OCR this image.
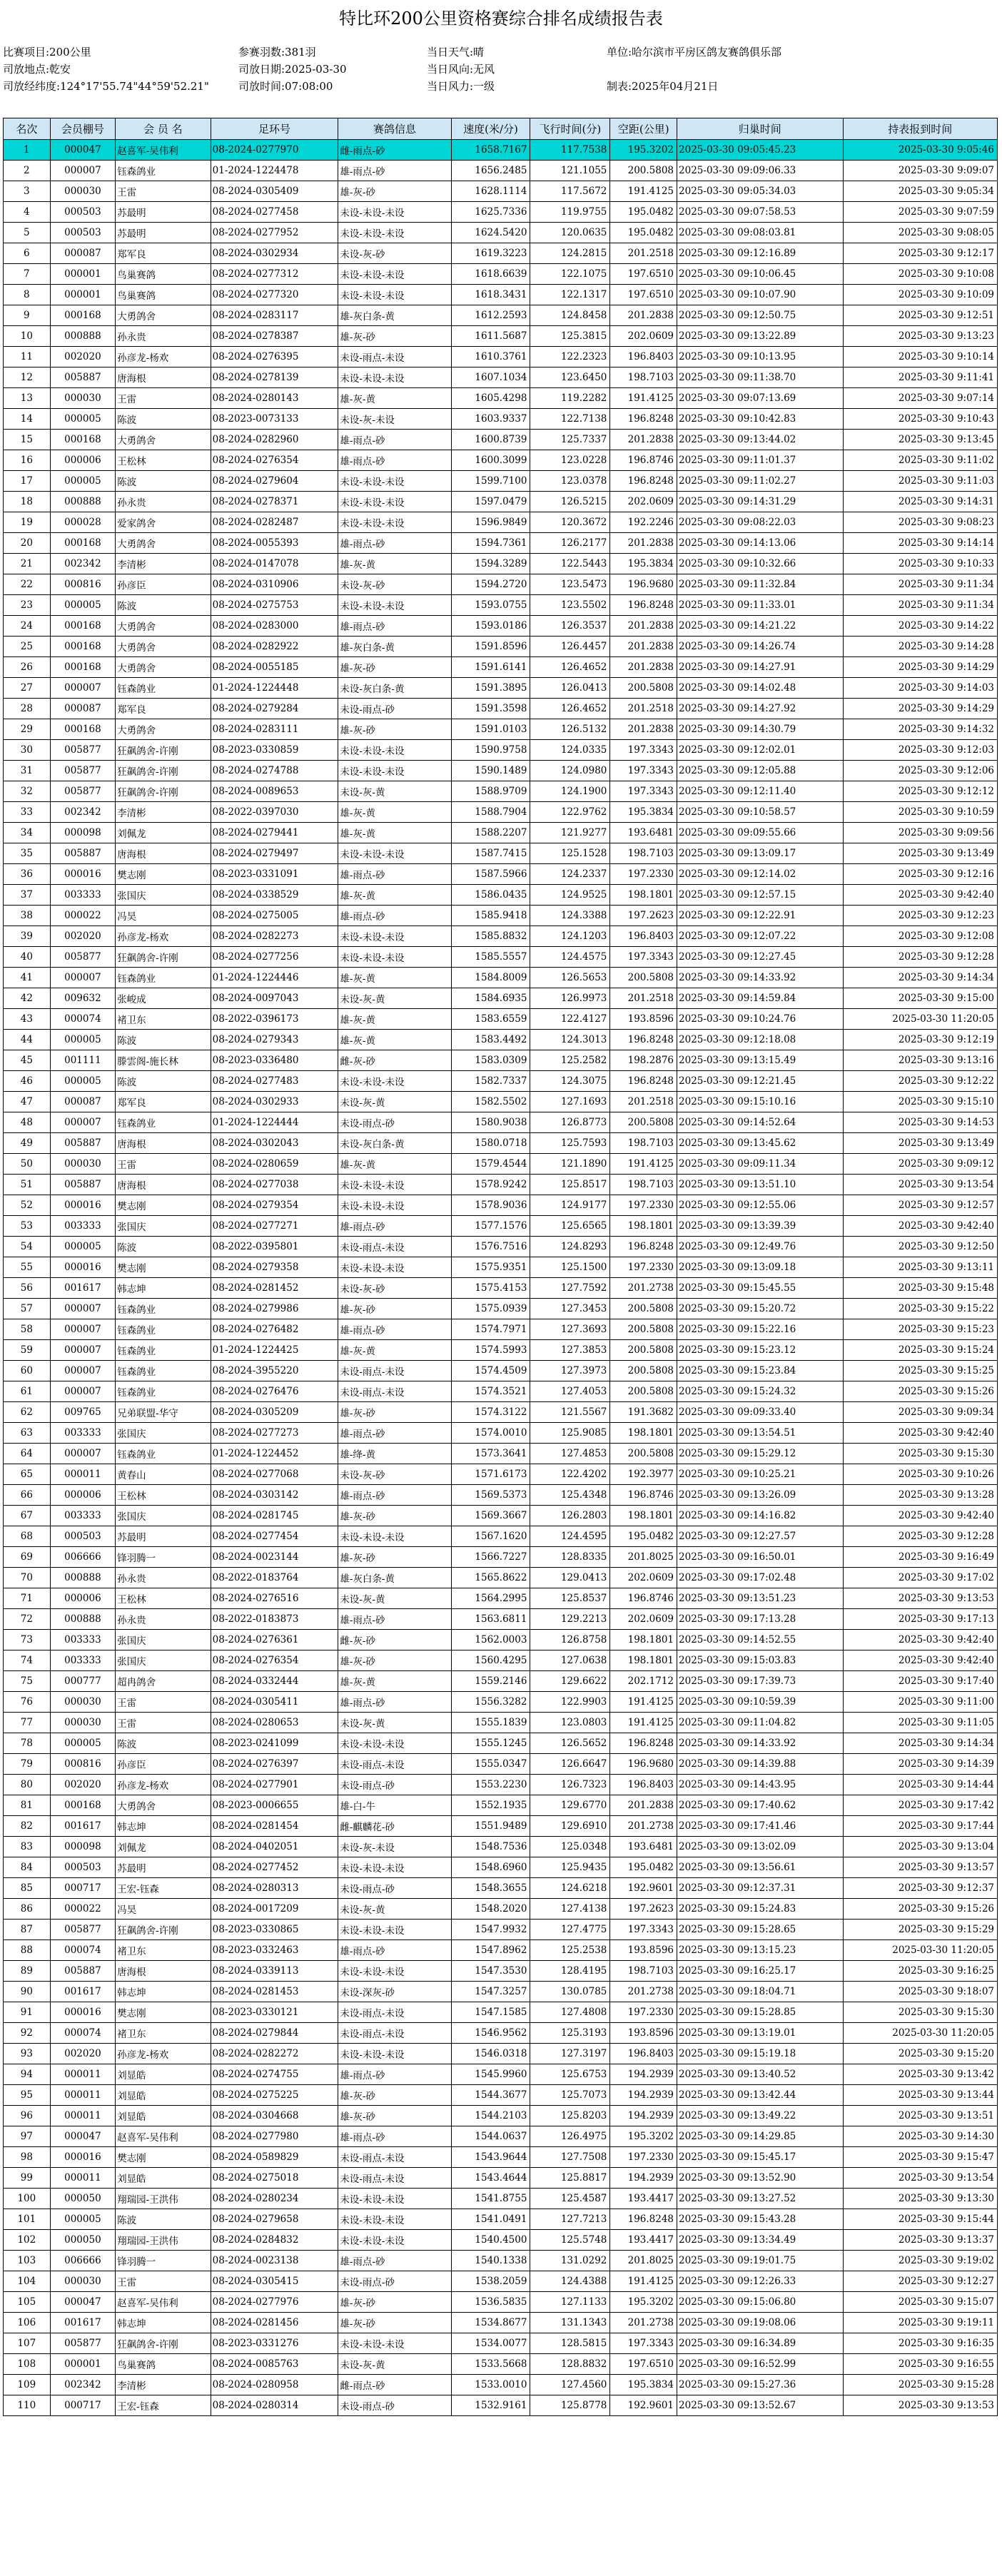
特比环200公里资格赛综合排名成绩报告表
比赛项目:200公里	参赛羽数:381羽	当日天气:晴	单位:哈尔滨市平房区鸽友赛鸽俱乐部
司放地点:乾安	司放日期:2025-03-30	当日风向:无风
司放经纬度:124°17'55.74"44°59'52.21"	司放时间:07:08:00	当日风力:一级	制表:2025年04月21日
名次	会员棚号	会 员 名	足环号	赛鸽信息	速度(米/分)	飞行时间(分)	空距(公里)	归巢时间	持表报到时间
1	000047	赵喜军-吴伟利	08-2024-0277970	雌-雨点-砂	1658.7167	117.7538	195.3202	2025-03-30 09:05:45.23	2025-03-30 9:05:46
2	000007	钰森鸽业	01-2024-1224478	雄-雨点-砂	1656.2485	121.1055	200.5808	2025-03-30 09:09:06.33	2025-03-30 9:09:07
3	000030	王雷	08-2024-0305409	雄-灰-砂	1628.1114	117.5672	191.4125	2025-03-30 09:05:34.03	2025-03-30 9:05:34
4	000503	苏最明	08-2024-0277458	未设-未设-未设	1625.7336	119.9755	195.0482	2025-03-30 09:07:58.53	2025-03-30 9:07:59
5	000503	苏最明	08-2024-0277952	未设-未设-未设	1624.5420	120.0635	195.0482	2025-03-30 09:08:03.81	2025-03-30 9:08:05
6	000087	郑军良	08-2024-0302934	未设-灰-砂	1619.3223	124.2815	201.2518	2025-03-30 09:12:16.89	2025-03-30 9:12:17
7	000001	鸟巢赛鸽	08-2024-0277312	未设-未设-未设	1618.6639	122.1075	197.6510	2025-03-30 09:10:06.45	2025-03-30 9:10:08
8	000001	鸟巢赛鸽	08-2024-0277320	未设-未设-未设	1618.3431	122.1317	197.6510	2025-03-30 09:10:07.90	2025-03-30 9:10:09
9	000168	大勇鸽舍	08-2024-0283117	雄-灰白条-黄	1612.2593	124.8458	201.2838	2025-03-30 09:12:50.75	2025-03-30 9:12:51
10	000888	孙永贵	08-2024-0278387	雄-灰-砂	1611.5687	125.3815	202.0609	2025-03-30 09:13:22.89	2025-03-30 9:13:23
11	002020	孙彦龙-杨欢	08-2024-0276395	未设-雨点-未设	1610.3761	122.2323	196.8403	2025-03-30 09:10:13.95	2025-03-30 9:10:14
12	005887	唐海根	08-2024-0278139	未设-未设-未设	1607.1034	123.6450	198.7103	2025-03-30 09:11:38.70	2025-03-30 9:11:41
13	000030	王雷	08-2024-0280143	雄-灰-黄	1605.4298	119.2282	191.4125	2025-03-30 09:07:13.69	2025-03-30 9:07:14
14	000005	陈波	08-2023-0073133	未设-灰-未设	1603.9337	122.7138	196.8248	2025-03-30 09:10:42.83	2025-03-30 9:10:43
15	000168	大勇鸽舍	08-2024-0282960	雄-雨点-砂	1600.8739	125.7337	201.2838	2025-03-30 09:13:44.02	2025-03-30 9:13:45
16	000006	王松林	08-2024-0276354	雄-雨点-砂	1600.3099	123.0228	196.8746	2025-03-30 09:11:01.37	2025-03-30 9:11:02
17	000005	陈波	08-2024-0279604	未设-未设-未设	1599.7100	123.0378	196.8248	2025-03-30 09:11:02.27	2025-03-30 9:11:03
18	000888	孙永贵	08-2024-0278371	未设-未设-未设	1597.0479	126.5215	202.0609	2025-03-30 09:14:31.29	2025-03-30 9:14:31
19	000028	爱家鸽舍	08-2024-0282487	未设-未设-未设	1596.9849	120.3672	192.2246	2025-03-30 09:08:22.03	2025-03-30 9:08:23
20	000168	大勇鸽舍	08-2024-0055393	雄-雨点-砂	1594.7361	126.2177	201.2838	2025-03-30 09:14:13.06	2025-03-30 9:14:14
21	002342	李清彬	08-2024-0147078	雄-灰-黄	1594.3289	122.5443	195.3834	2025-03-30 09:10:32.66	2025-03-30 9:10:33
22	000816	孙彦臣	08-2024-0310906	未设-灰-砂	1594.2720	123.5473	196.9680	2025-03-30 09:11:32.84	2025-03-30 9:11:34
23	000005	陈波	08-2024-0275753	未设-未设-未设	1593.0755	123.5502	196.8248	2025-03-30 09:11:33.01	2025-03-30 9:11:34
24	000168	大勇鸽舍	08-2024-0283000	雄-雨点-砂	1593.0186	126.3537	201.2838	2025-03-30 09:14:21.22	2025-03-30 9:14:22
25	000168	大勇鸽舍	08-2024-0282922	雄-灰白条-黄	1591.8596	126.4457	201.2838	2025-03-30 09:14:26.74	2025-03-30 9:14:28
26	000168	大勇鸽舍	08-2024-0055185	雄-灰-砂	1591.6141	126.4652	201.2838	2025-03-30 09:14:27.91	2025-03-30 9:14:29
27	000007	钰森鸽业	01-2024-1224448	未设-灰白条-黄	1591.3895	126.0413	200.5808	2025-03-30 09:14:02.48	2025-03-30 9:14:03
28	000087	郑军良	08-2024-0279284	未设-雨点-砂	1591.3598	126.4652	201.2518	2025-03-30 09:14:27.92	2025-03-30 9:14:29
29	000168	大勇鸽舍	08-2024-0283111	雄-灰-砂	1591.0103	126.5132	201.2838	2025-03-30 09:14:30.79	2025-03-30 9:14:32
30	005877	狂飙鸽舍-许刚	08-2023-0330859	未设-未设-未设	1590.9758	124.0335	197.3343	2025-03-30 09:12:02.01	2025-03-30 9:12:03
31	005877	狂飙鸽舍-许刚	08-2024-0274788	未设-未设-未设	1590.1489	124.0980	197.3343	2025-03-30 09:12:05.88	2025-03-30 9:12:06
32	005877	狂飙鸽舍-许刚	08-2024-0089653	未设-灰-黄	1588.9709	124.1900	197.3343	2025-03-30 09:12:11.40	2025-03-30 9:12:12
33	002342	李清彬	08-2022-0397030	雄-灰-黄	1588.7904	122.9762	195.3834	2025-03-30 09:10:58.57	2025-03-30 9:10:59
34	000098	刘佩龙	08-2024-0279441	雄-灰-黄	1588.2207	121.9277	193.6481	2025-03-30 09:09:55.66	2025-03-30 9:09:56
35	005887	唐海根	08-2024-0279497	未设-未设-未设	1587.7415	125.1528	198.7103	2025-03-30 09:13:09.17	2025-03-30 9:13:49
36	000016	樊志刚	08-2023-0331091	雄-雨点-砂	1587.5966	124.2337	197.2330	2025-03-30 09:12:14.02	2025-03-30 9:12:16
37	003333	张国庆	08-2024-0338529	雄-灰-黄	1586.0435	124.9525	198.1801	2025-03-30 09:12:57.15	2025-03-30 9:42:40
38	000022	冯昊	08-2024-0275005	雄-雨点-砂	1585.9418	124.3388	197.2623	2025-03-30 09:12:22.91	2025-03-30 9:12:23
39	002020	孙彦龙-杨欢	08-2024-0282273	未设-未设-未设	1585.8832	124.1203	196.8403	2025-03-30 09:12:07.22	2025-03-30 9:12:08
40	005877	狂飙鸽舍-许刚	08-2024-0277256	未设-未设-未设	1585.5557	124.4575	197.3343	2025-03-30 09:12:27.45	2025-03-30 9:12:28
41	000007	钰森鸽业	01-2024-1224446	雄-灰-黄	1584.8009	126.5653	200.5808	2025-03-30 09:14:33.92	2025-03-30 9:14:34
42	009632	张峻成	08-2024-0097043	未设-灰-黄	1584.6935	126.9973	201.2518	2025-03-30 09:14:59.84	2025-03-30 9:15:00
43	000074	褚卫东	08-2022-0396173	雄-灰-黄	1583.6559	122.4127	193.8596	2025-03-30 09:10:24.76	2025-03-30 11:20:05
44	000005	陈波	08-2024-0279343	雄-灰-黄	1583.4492	124.3013	196.8248	2025-03-30 09:12:18.08	2025-03-30 9:12:19
45	001111	滕雲阁-施长林	08-2023-0336480	雌-灰-砂	1583.0309	125.2582	198.2876	2025-03-30 09:13:15.49	2025-03-30 9:13:16
46	000005	陈波	08-2024-0277483	未设-未设-未设	1582.7337	124.3075	196.8248	2025-03-30 09:12:21.45	2025-03-30 9:12:22
47	000087	郑军良	08-2024-0302933	未设-灰-黄	1582.5502	127.1693	201.2518	2025-03-30 09:15:10.16	2025-03-30 9:15:10
48	000007	钰森鸽业	01-2024-1224444	未设-雨点-砂	1580.9038	126.8773	200.5808	2025-03-30 09:14:52.64	2025-03-30 9:14:53
49	005887	唐海根	08-2024-0302043	未设-灰白条-黄	1580.0718	125.7593	198.7103	2025-03-30 09:13:45.62	2025-03-30 9:13:49
50	000030	王雷	08-2024-0280659	雄-灰-黄	1579.4544	121.1890	191.4125	2025-03-30 09:09:11.34	2025-03-30 9:09:12
51	005887	唐海根	08-2024-0277038	未设-未设-未设	1578.9242	125.8517	198.7103	2025-03-30 09:13:51.10	2025-03-30 9:13:54
52	000016	樊志刚	08-2024-0279354	未设-未设-未设	1578.9036	124.9177	197.2330	2025-03-30 09:12:55.06	2025-03-30 9:12:57
53	003333	张国庆	08-2024-0277271	雄-雨点-砂	1577.1576	125.6565	198.1801	2025-03-30 09:13:39.39	2025-03-30 9:42:40
54	000005	陈波	08-2022-0395801	未设-雨点-未设	1576.7516	124.8293	196.8248	2025-03-30 09:12:49.76	2025-03-30 9:12:50
55	000016	樊志刚	08-2024-0279358	未设-未设-未设	1575.9351	125.1500	197.2330	2025-03-30 09:13:09.18	2025-03-30 9:13:11
56	001617	韩志坤	08-2024-0281452	未设-灰-砂	1575.4153	127.7592	201.2738	2025-03-30 09:15:45.55	2025-03-30 9:15:48
57	000007	钰森鸽业	08-2024-0279986	雄-灰-砂	1575.0939	127.3453	200.5808	2025-03-30 09:15:20.72	2025-03-30 9:15:22
58	000007	钰森鸽业	08-2024-0276482	雄-雨点-砂	1574.7971	127.3693	200.5808	2025-03-30 09:15:22.16	2025-03-30 9:15:23
59	000007	钰森鸽业	01-2024-1224425	雄-灰-黄	1574.5993	127.3853	200.5808	2025-03-30 09:15:23.12	2025-03-30 9:15:24
60	000007	钰森鸽业	08-2024-3955220	未设-雨点-未设	1574.4509	127.3973	200.5808	2025-03-30 09:15:23.84	2025-03-30 9:15:25
61	000007	钰森鸽业	08-2024-0276476	未设-雨点-未设	1574.3521	127.4053	200.5808	2025-03-30 09:15:24.32	2025-03-30 9:15:26
62	009765	兄弟联盟-华守	08-2024-0305209	雄-灰-砂	1574.3122	121.5567	191.3682	2025-03-30 09:09:33.40	2025-03-30 9:09:34
63	003333	张国庆	08-2024-0277273	雄-雨点-砂	1574.0010	125.9085	198.1801	2025-03-30 09:13:54.51	2025-03-30 9:42:40
64	000007	钰森鸽业	01-2024-1224452	雄-绛-黄	1573.3641	127.4853	200.5808	2025-03-30 09:15:29.12	2025-03-30 9:15:30
65	000011	黄春山	08-2024-0277068	未设-灰-砂	1571.6173	122.4202	192.3977	2025-03-30 09:10:25.21	2025-03-30 9:10:26
66	000006	王松林	08-2024-0303142	雄-雨点-砂	1569.5373	125.4348	196.8746	2025-03-30 09:13:26.09	2025-03-30 9:13:28
67	003333	张国庆	08-2024-0281745	雄-灰-砂	1569.3667	126.2803	198.1801	2025-03-30 09:14:16.82	2025-03-30 9:42:40
68	000503	苏最明	08-2024-0277454	未设-未设-未设	1567.1620	124.4595	195.0482	2025-03-30 09:12:27.57	2025-03-30 9:12:28
69	006666	锋羽腾一	08-2024-0023144	雄-灰-砂	1566.7227	128.8335	201.8025	2025-03-30 09:16:50.01	2025-03-30 9:16:49
70	000888	孙永贵	08-2022-0183764	雄-灰白条-黄	1565.8622	129.0413	202.0609	2025-03-30 09:17:02.48	2025-03-30 9:17:02
71	000006	王松林	08-2024-0276516	未设-灰-黄	1564.2995	125.8537	196.8746	2025-03-30 09:13:51.23	2025-03-30 9:13:53
72	000888	孙永贵	08-2022-0183873	雄-雨点-砂	1563.6811	129.2213	202.0609	2025-03-30 09:17:13.28	2025-03-30 9:17:13
73	003333	张国庆	08-2024-0276361	雌-灰-砂	1562.0003	126.8758	198.1801	2025-03-30 09:14:52.55	2025-03-30 9:42:40
74	003333	张国庆	08-2024-0276354	雄-灰-砂	1560.4295	127.0638	198.1801	2025-03-30 09:15:03.83	2025-03-30 9:42:40
75	000777	超冉鸽舍	08-2024-0332444	雄-灰-黄	1559.2146	129.6622	202.1712	2025-03-30 09:17:39.73	2025-03-30 9:17:40
76	000030	王雷	08-2024-0305411	雄-雨点-砂	1556.3282	122.9903	191.4125	2025-03-30 09:10:59.39	2025-03-30 9:11:00
77	000030	王雷	08-2024-0280653	未设-灰-黄	1555.1839	123.0803	191.4125	2025-03-30 09:11:04.82	2025-03-30 9:11:05
78	000005	陈波	08-2023-0241099	未设-未设-未设	1555.1245	126.5652	196.8248	2025-03-30 09:14:33.92	2025-03-30 9:14:34
79	000816	孙彦臣	08-2024-0276397	未设-雨点-未设	1555.0347	126.6647	196.9680	2025-03-30 09:14:39.88	2025-03-30 9:14:39
80	002020	孙彦龙-杨欢	08-2024-0277901	未设-雨点-砂	1553.2230	126.7323	196.8403	2025-03-30 09:14:43.95	2025-03-30 9:14:44
81	000168	大勇鸽舍	08-2023-0006655	雄-白-牛	1552.1935	129.6770	201.2838	2025-03-30 09:17:40.62	2025-03-30 9:17:42
82	001617	韩志坤	08-2024-0281454	雌-麒麟花-砂	1551.9489	129.6910	201.2738	2025-03-30 09:17:41.46	2025-03-30 9:17:44
83	000098	刘佩龙	08-2024-0402051	未设-灰-未设	1548.7536	125.0348	193.6481	2025-03-30 09:13:02.09	2025-03-30 9:13:04
84	000503	苏最明	08-2024-0277452	未设-未设-未设	1548.6960	125.9435	195.0482	2025-03-30 09:13:56.61	2025-03-30 9:13:57
85	000717	王宏-钰森	08-2024-0280313	未设-雨点-砂	1548.3655	124.6218	192.9601	2025-03-30 09:12:37.31	2025-03-30 9:12:37
86	000022	冯昊	08-2024-0017209	未设-灰-黄	1548.2020	127.4138	197.2623	2025-03-30 09:15:24.83	2025-03-30 9:15:26
87	005877	狂飙鸽舍-许刚	08-2023-0330865	未设-未设-未设	1547.9932	127.4775	197.3343	2025-03-30 09:15:28.65	2025-03-30 9:15:29
88	000074	褚卫东	08-2023-0332463	雄-雨点-砂	1547.8962	125.2538	193.8596	2025-03-30 09:13:15.23	2025-03-30 11:20:05
89	005887	唐海根	08-2024-0339113	未设-未设-未设	1547.3530	128.4195	198.7103	2025-03-30 09:16:25.17	2025-03-30 9:16:25
90	001617	韩志坤	08-2024-0281453	未设-深灰-砂	1547.3257	130.0785	201.2738	2025-03-30 09:18:04.71	2025-03-30 9:18:07
91	000016	樊志刚	08-2023-0330121	未设-雨点-未设	1547.1585	127.4808	197.2330	2025-03-30 09:15:28.85	2025-03-30 9:15:30
92	000074	褚卫东	08-2024-0279844	未设-雨点-未设	1546.9562	125.3193	193.8596	2025-03-30 09:13:19.01	2025-03-30 11:20:05
93	002020	孙彦龙-杨欢	08-2024-0282272	未设-未设-未设	1546.0318	127.3197	196.8403	2025-03-30 09:15:19.18	2025-03-30 9:15:20
94	000011	刘显皓	08-2024-0274755	雄-雨点-砂	1545.9960	125.6753	194.2939	2025-03-30 09:13:40.52	2025-03-30 9:13:42
95	000011	刘显皓	08-2024-0275225	雄-灰-砂	1544.3677	125.7073	194.2939	2025-03-30 09:13:42.44	2025-03-30 9:13:44
96	000011	刘显皓	08-2024-0304668	雄-灰-砂	1544.2103	125.8203	194.2939	2025-03-30 09:13:49.22	2025-03-30 9:13:51
97	000047	赵喜军-吴伟利	08-2024-0277980	雄-雨点-砂	1544.0637	126.4975	195.3202	2025-03-30 09:14:29.85	2025-03-30 9:14:30
98	000016	樊志刚	08-2024-0589829	未设-雨点-未设	1543.9644	127.7508	197.2330	2025-03-30 09:15:45.17	2025-03-30 9:15:47
99	000011	刘显皓	08-2024-0275018	未设-雨点-未设	1543.4644	125.8817	194.2939	2025-03-30 09:13:52.90	2025-03-30 9:13:54
100	000050	翔瑞园-王洪伟	08-2024-0280234	未设-未设-未设	1541.8755	125.4587	193.4417	2025-03-30 09:13:27.52	2025-03-30 9:13:30
101	000005	陈波	08-2024-0279658	未设-未设-未设	1541.0491	127.7213	196.8248	2025-03-30 09:15:43.28	2025-03-30 9:15:44
102	000050	翔瑞园-王洪伟	08-2024-0284832	未设-未设-未设	1540.4500	125.5748	193.4417	2025-03-30 09:13:34.49	2025-03-30 9:13:37
103	006666	锋羽腾一	08-2024-0023138	雄-雨点-砂	1540.1338	131.0292	201.8025	2025-03-30 09:19:01.75	2025-03-30 9:19:02
104	000030	王雷	08-2024-0305415	未设-雨点-砂	1538.2059	124.4388	191.4125	2025-03-30 09:12:26.33	2025-03-30 9:12:27
105	000047	赵喜军-吴伟利	08-2024-0277976	雄-灰-砂	1536.5835	127.1133	195.3202	2025-03-30 09:15:06.80	2025-03-30 9:15:07
106	001617	韩志坤	08-2024-0281456	雄-灰-砂	1534.8677	131.1343	201.2738	2025-03-30 09:19:08.06	2025-03-30 9:19:11
107	005877	狂飙鸽舍-许刚	08-2023-0331276	未设-未设-未设	1534.0077	128.5815	197.3343	2025-03-30 09:16:34.89	2025-03-30 9:16:35
108	000001	鸟巢赛鸽	08-2024-0085763	未设-灰-黄	1533.5668	128.8832	197.6510	2025-03-30 09:16:52.99	2025-03-30 9:16:55
109	002342	李清彬	08-2024-0280958	雌-雨点-砂	1533.0010	127.4560	195.3834	2025-03-30 09:15:27.36	2025-03-30 9:15:28
110	000717	王宏-钰森	08-2024-0280314	未设-雨点-砂	1532.9161	125.8778	192.9601	2025-03-30 09:13:52.67	2025-03-30 9:13:53
